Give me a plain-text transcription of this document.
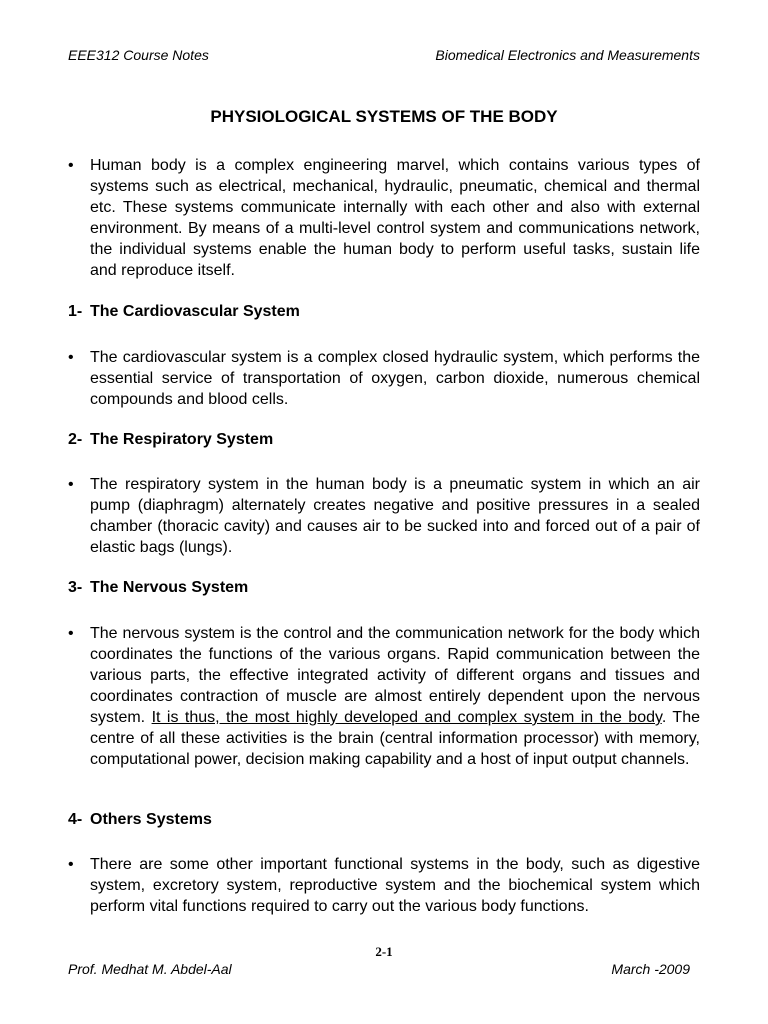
EEE312 Course Notes	Biomedical Electronics and Measurements
PHYSIOLOGICAL SYSTEMS OF THE BODY
•	Human body is a complex engineering marvel, which contains various types of systems such as electrical, mechanical, hydraulic, pneumatic, chemical and thermal etc. These systems communicate internally with each other and also with external environment. By means of a multi-level control system and communications network, the individual systems enable the human body to perform useful tasks, sustain life and reproduce itself.
1- The Cardiovascular System
•	The cardiovascular system is a complex closed hydraulic system, which performs the essential service of transportation of oxygen, carbon dioxide, numerous chemical compounds and blood cells.
2- The Respiratory System
•	The respiratory system in the human body is a pneumatic system in which an air pump (diaphragm) alternately creates negative and positive pressures in a sealed chamber (thoracic cavity) and causes air to be sucked into and forced out of a pair of elastic bags (lungs).
3- The Nervous System
•	The nervous system is the control and the communication network for the body which coordinates the functions of the various organs. Rapid communication between the various parts, the effective integrated activity of different organs and tissues and coordinates contraction of muscle are almost entirely dependent upon the nervous system. It is thus, the most highly developed and complex system in the body. The centre of all these activities is the brain (central information processor) with memory, computational power, decision making capability and a host of input output channels.
4- Others Systems
•	There are some other important functional systems in the body, such as digestive system, excretory system, reproductive system and the biochemical system which perform vital functions required to carry out the various body functions.
2-1
Prof. Medhat M. Abdel-Aal	March -2009
